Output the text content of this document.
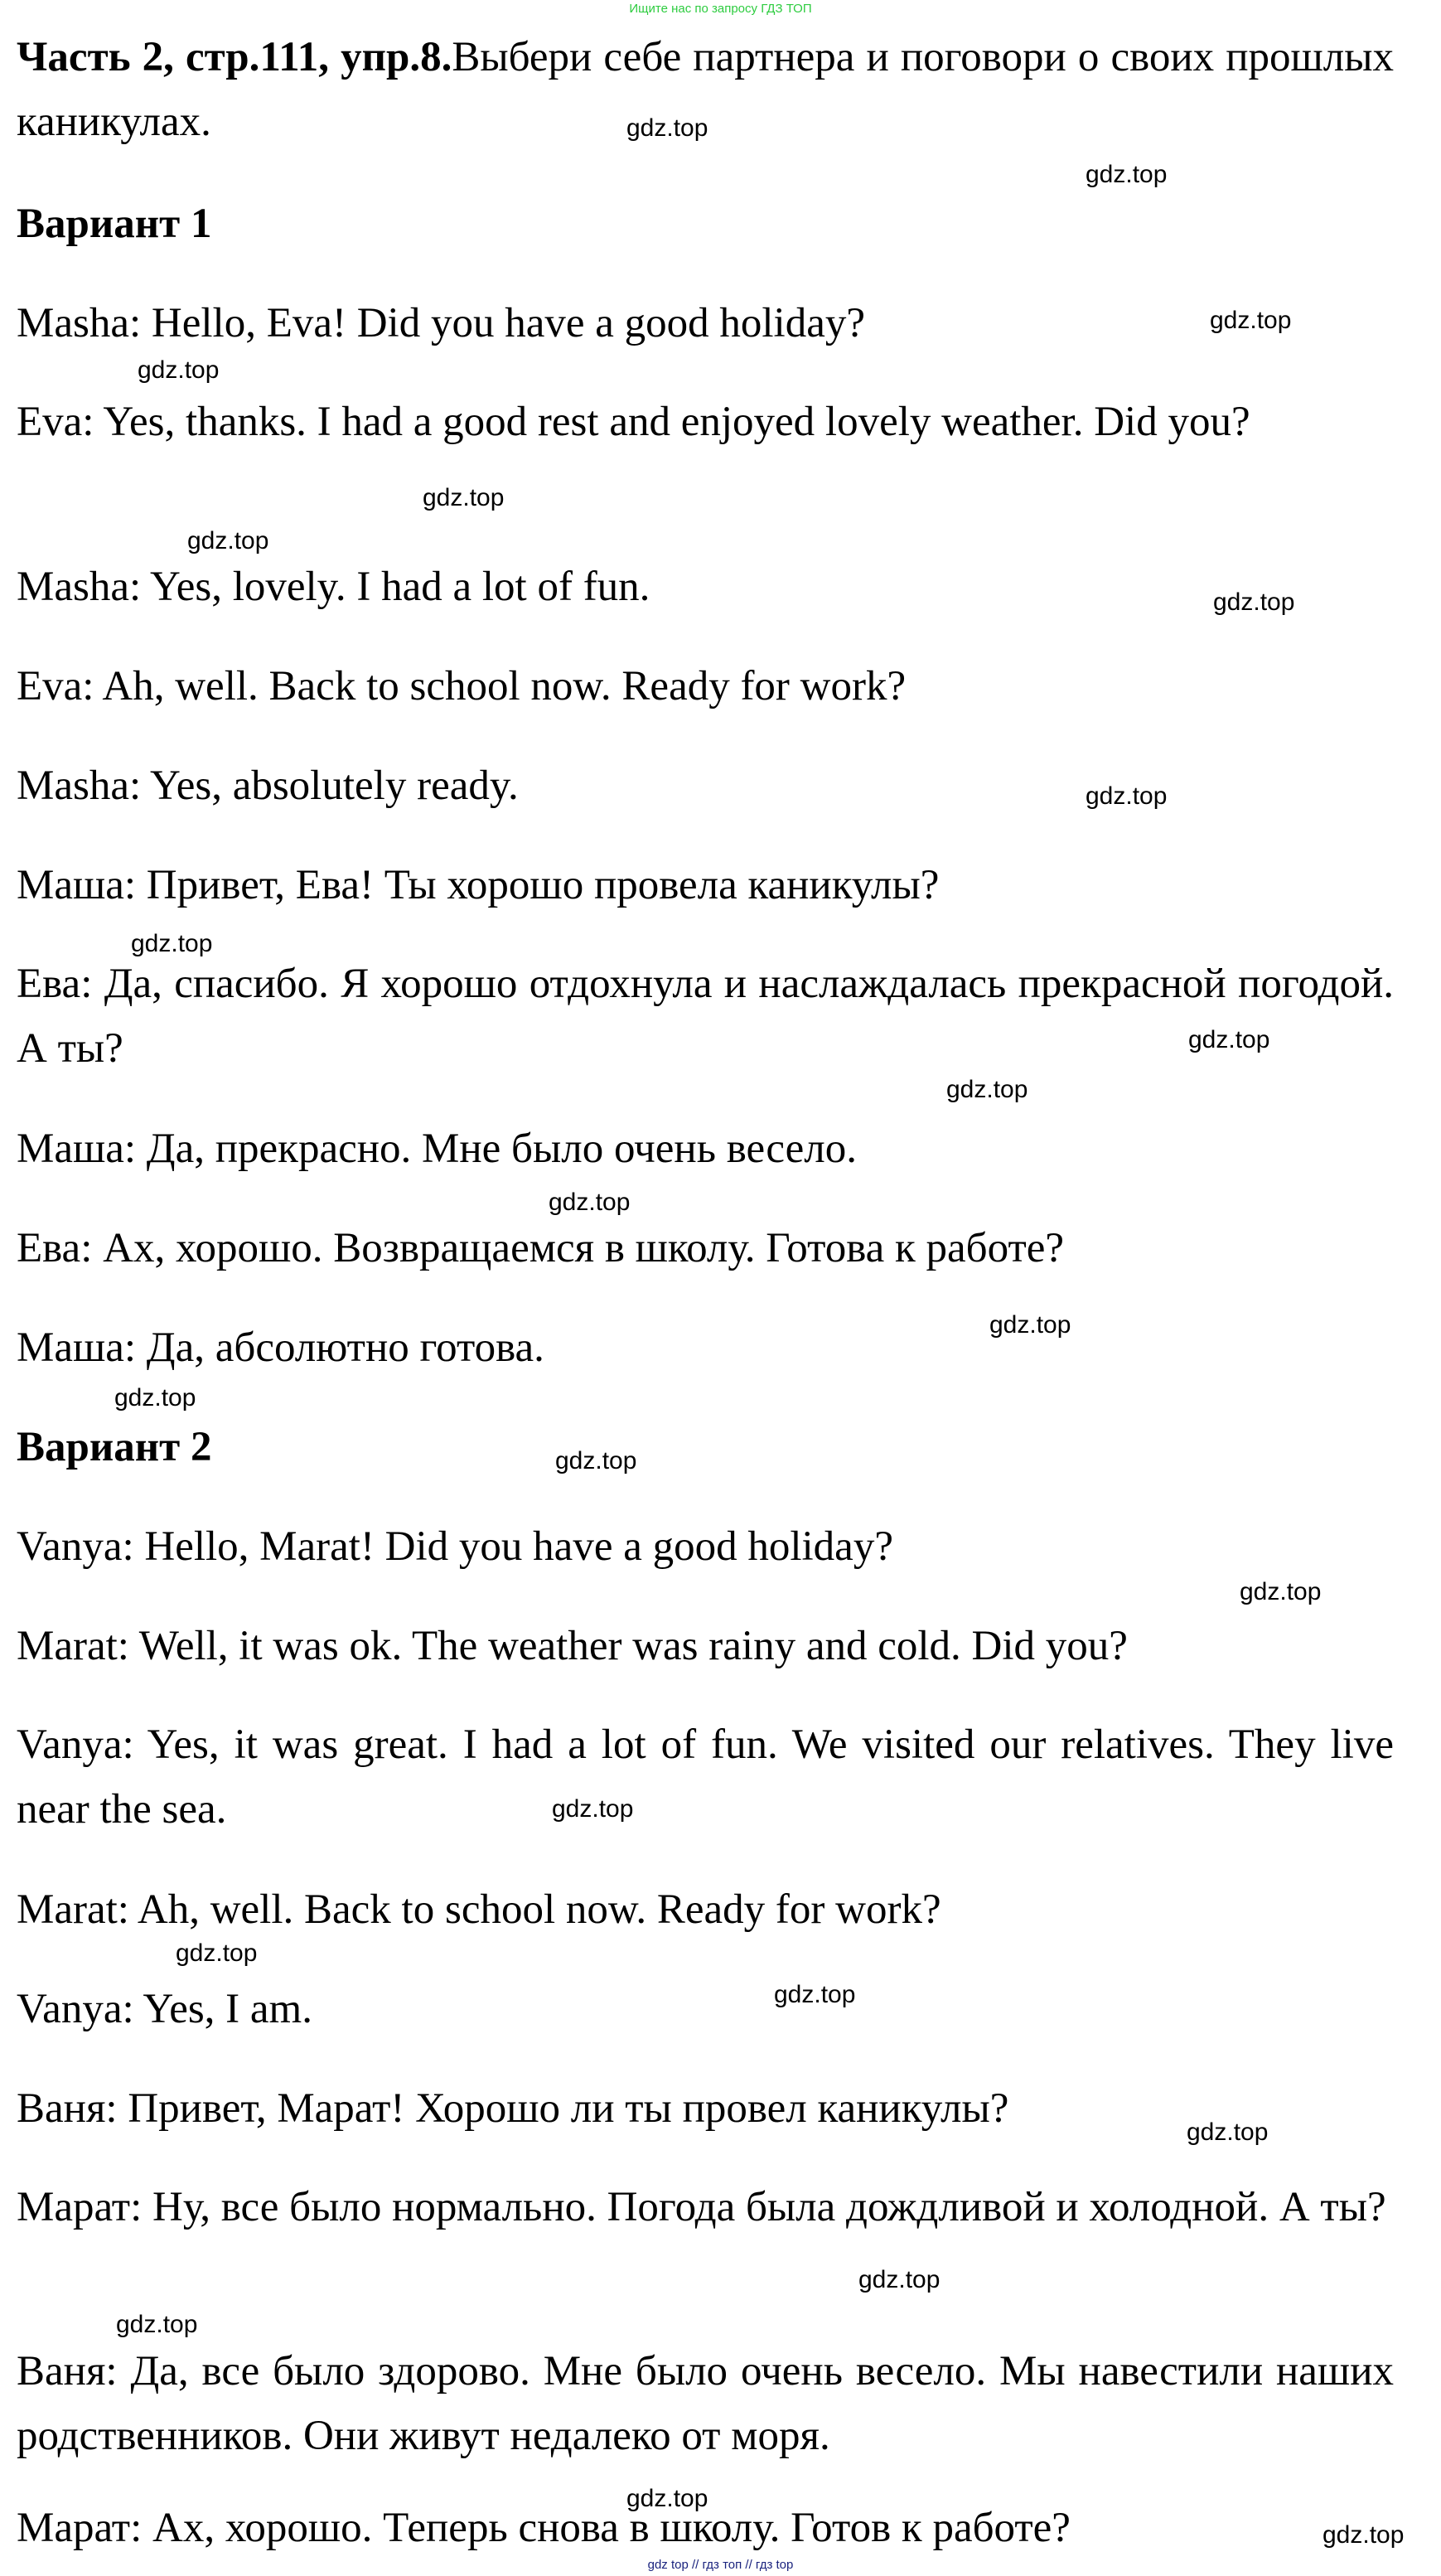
Ищите нас по запросу ГДЗ ТОП
Часть 2, стр.111, упр.8.Выбери себе партнера и поговори о своих прошлых каникулах.
Вариант 1
Masha: Hello, Eva! Did you have a good holiday?
Eva: Yes, thanks. I had a good rest and enjoyed lovely weather. Did you?
Masha: Yes, lovely. I had a lot of fun.
Eva: Ah, well. Back to school now. Ready for work?
Masha: Yes, absolutely ready.
Маша: Привет, Ева! Ты хорошо провела каникулы?
Ева: Да, спасибо. Я хорошо отдохнула и наслаждалась прекрасной погодой. А ты?
Маша: Да, прекрасно. Мне было очень весело.
Ева: Ах, хорошо. Возвращаемся в школу. Готова к работе?
Маша: Да, абсолютно готова.
Вариант 2
Vanya: Hello, Marat! Did you have a good holiday?
Marat: Well, it was ok. The weather was rainy and cold. Did you?
Vanya: Yes, it was great. I had a lot of fun. We visited our relatives. They live near the sea.
Marat: Ah, well. Back to school now. Ready for work?
Vanya: Yes, I am.
Ваня: Привет, Марат! Хорошо ли ты провел каникулы?
Марат: Ну, все было нормально. Погода была дождливой и холодной. А ты?
Ваня: Да, все было здорово. Мне было очень весело. Мы навестили наших родственников. Они живут недалеко от моря.
Марат: Ах, хорошо. Теперь снова в школу. Готов к работе?
gdz.top
gdz.top
gdz.top
gdz.top
gdz.top
gdz.top
gdz.top
gdz.top
gdz.top
gdz.top
gdz.top
gdz.top
gdz.top
gdz.top
gdz.top
gdz.top
gdz.top
gdz.top
gdz.top
gdz.top
gdz.top
gdz.top
gdz.top
gdz.top
gdz top // гдз топ // гдз top
